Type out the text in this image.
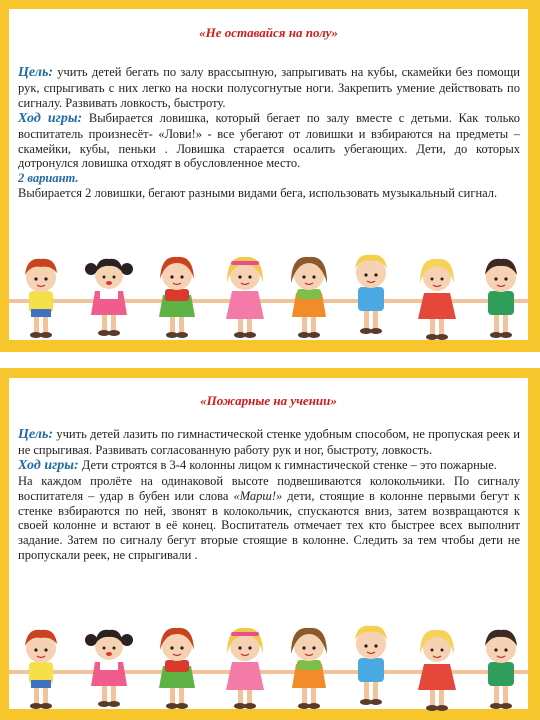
«Не оставайся на полу»

Цель: учить детей бегать по залу врассыпную, запрыгивать на кубы, скамейки без помощи рук, спрыгивать с них легко на носки полусогнутые ноги. Закрепить умение действовать по сигналу. Развивать ловкость, быстроту.

Ход игры: Выбирается ловишка, который бегает по залу вместе с детьми. Как только воспитатель произнесёт- «Лови!» - все убегают от ловишки и взбираются на предметы –скамейки, кубы, пеньки . Ловишка старается осалить убегающих. Дети, до которых дотронулся ловишка отходят в обусловленное место.

2 вариант.

Выбирается 2 ловишки, бегают разными видами бега, использовать музыкальный сигнал.

«Пожарные на учении»

Цель: учить детей лазить по гимнастической стенке удобным способом, не пропуская реек и не спрыгивая. Развивать согласованную работу рук и ног, быстроту, ловкость.

Ход игры: Дети строятся в 3-4 колонны лицом к гимнастической стенке – это пожарные.

На каждом пролёте на одинаковой высоте подвешиваются колокольчики. По сигналу воспитателя – удар в бубен или слова «Марш!» дети, стоящие в колонне первыми бегут к стенке взбираются по ней, звонят в колокольчик, спускаются вниз, затем возвращаются к своей колонне и встают в её конец. Воспитатель отмечает тех кто быстрее всех выполнит задание. Затем по сигналу бегут вторые стоящие в колонне. Следить за тем чтобы дети не пропускали реек, не спрыгивали .
